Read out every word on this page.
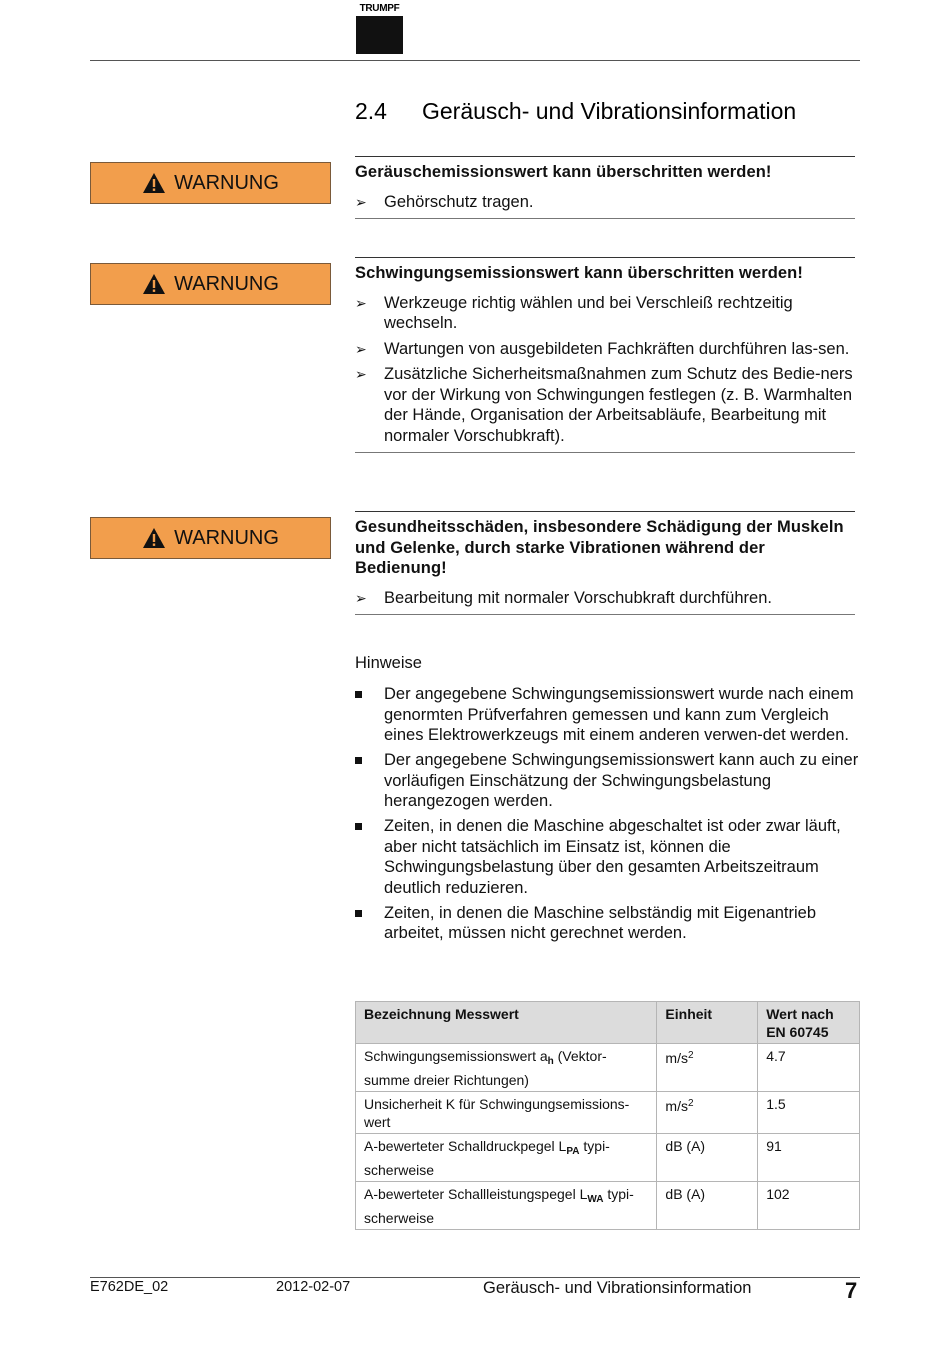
TRUMPF
2.4 Geräusch- und Vibrationsinformation
WARNUNG
WARNUNG
WARNUNG
Geräuschemissionswert kann überschritten werden!
➢ Gehörschutz tragen.
Schwingungsemissionswert kann überschritten werden!
➢ Werkzeuge richtig wählen und bei Verschleiß rechtzeitig wechseln.
➢ Wartungen von ausgebildeten Fachkräften durchführen las-sen.
➢ Zusätzliche Sicherheitsmaßnahmen zum Schutz des Bedie-ners vor der Wirkung von Schwingungen festlegen (z. B. Warmhalten der Hände, Organisation der Arbeitsabläufe, Bearbeitung mit normaler Vorschubkraft).
Gesundheitsschäden, insbesondere Schädigung der Muskeln und Gelenke, durch starke Vibrationen während der Bedienung!
➢ Bearbeitung mit normaler Vorschubkraft durchführen.
Hinweise
Der angegebene Schwingungsemissionswert wurde nach einem genormten Prüfverfahren gemessen und kann zum Vergleich eines Elektrowerkzeugs mit einem anderen verwen-det werden.
Der angegebene Schwingungsemissionswert kann auch zu einer vorläufigen Einschätzung der Schwingungsbelastung herangezogen werden.
Zeiten, in denen die Maschine abgeschaltet ist oder zwar läuft, aber nicht tatsächlich im Einsatz ist, können die Schwingungsbelastung über den gesamten Arbeitszeitraum deutlich reduzieren.
Zeiten, in denen die Maschine selbständig mit Eigenantrieb arbeitet, müssen nicht gerechnet werden.
Bezeichnung Messwert	Einheit	Wert nach EN 60745
Schwingungsemissionswert $a_h$ (Vektor-summe dreier Richtungen)	$m/s^2$	4.7
Unsicherheit K für Schwingungsemissions-wert	$m/s^2$	1.5
A-bewerteter Schalldruckpegel $L_{PA}$ typi-scherweise	dB (A)	91
A-bewerteter Schallleistungspegel $L_{WA}$ typi-scherweise	dB (A)	102
E762DE_02	2012-02-07	Geräusch- und Vibrationsinformation	7
